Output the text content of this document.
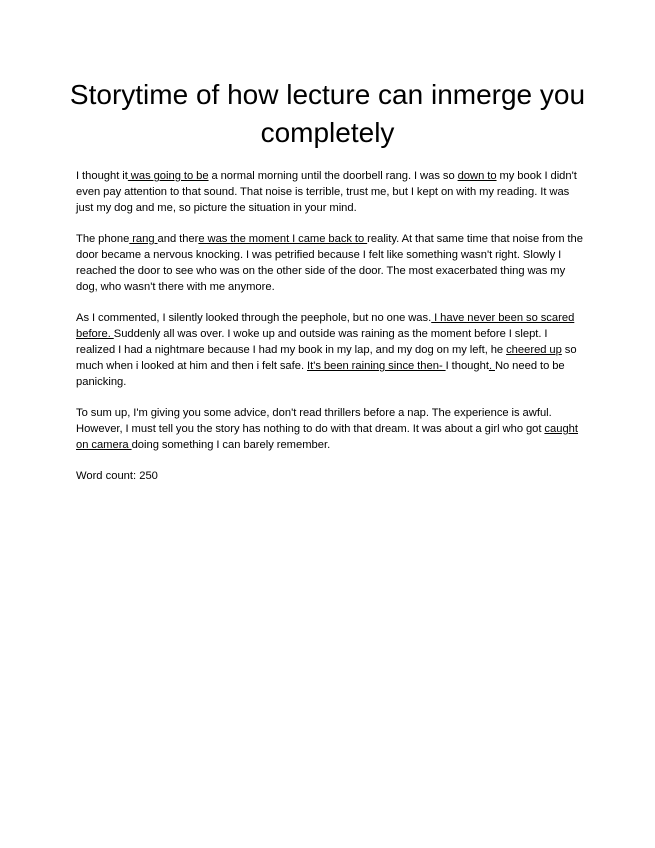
Storytime of how lecture can inmerge you completely

I thought it was going to be a normal morning until the doorbell rang. I was so down to my book I didn't even pay attention to that sound. That noise is terrible, trust me, but I kept on with my reading. It was just my dog and me, so picture the situation in your mind.

The phone rang and there was the moment I came back to reality. At that same time that noise from the door became a nervous knocking. I was petrified because I felt like something wasn't right. Slowly I reached the door to see who was on the other side of the door. The most exacerbated thing was my dog, who wasn't there with me anymore.

As I commented, I silently looked through the peephole, but no one was. I have never been so scared before. Suddenly all was over. I woke up and outside was raining as the moment before I slept. I realized I had a nightmare because I had my book in my lap, and my dog on my left, he cheered up so much when i looked at him and then i felt safe. It's been raining since then- I thought. No need to be panicking.

To sum up, I'm giving you some advice, don't read thrillers before a nap. The experience is awful. However, I must tell you the story has nothing to do with that dream. It was about a girl who got caught on camera doing something I can barely remember.

Word count: 250
